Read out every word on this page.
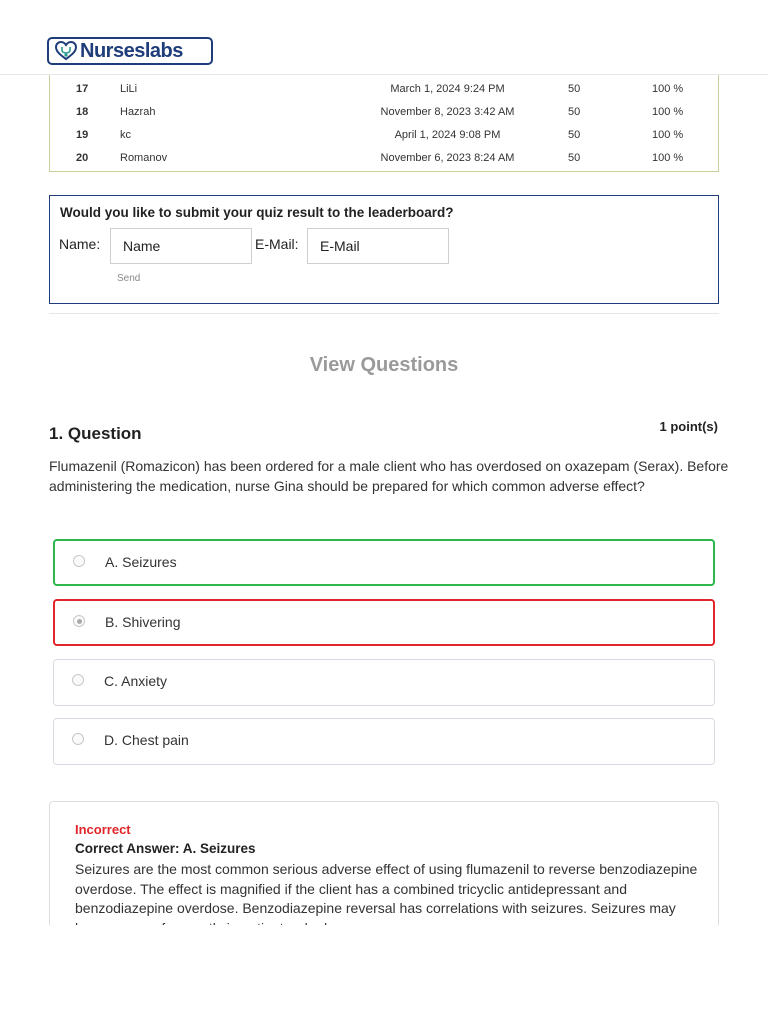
Nurseslabs
17	LiLi	March 1, 2024 9:24 PM	50	100 %
18	Hazrah	November 8, 2023 3:42 AM	50	100 %
19	kc	April 1, 2024 9:08 PM	50	100 %
20	Romanov	November 6, 2023 8:24 AM	50	100 %
Would you like to submit your quiz result to the leaderboard?
Name:
Name	E-Mail:
E-Mail
Send
View Questions
1. Question	1 point(s)
Flumazenil (Romazicon) has been ordered for a male client who has overdosed on oxazepam (Serax). Before administering the medication, nurse Gina should be prepared for which common adverse effect?
A. Seizures
B. Shivering
C. Anxiety
D. Chest pain
Incorrect
Correct Answer: A. Seizures
Seizures are the most common serious adverse effect of using flumazenil to reverse benzodiazepine overdose. The effect is magnified if the client has a combined tricyclic antidepressant and benzodiazepine overdose. Benzodiazepine reversal has correlations with seizures. Seizures may
